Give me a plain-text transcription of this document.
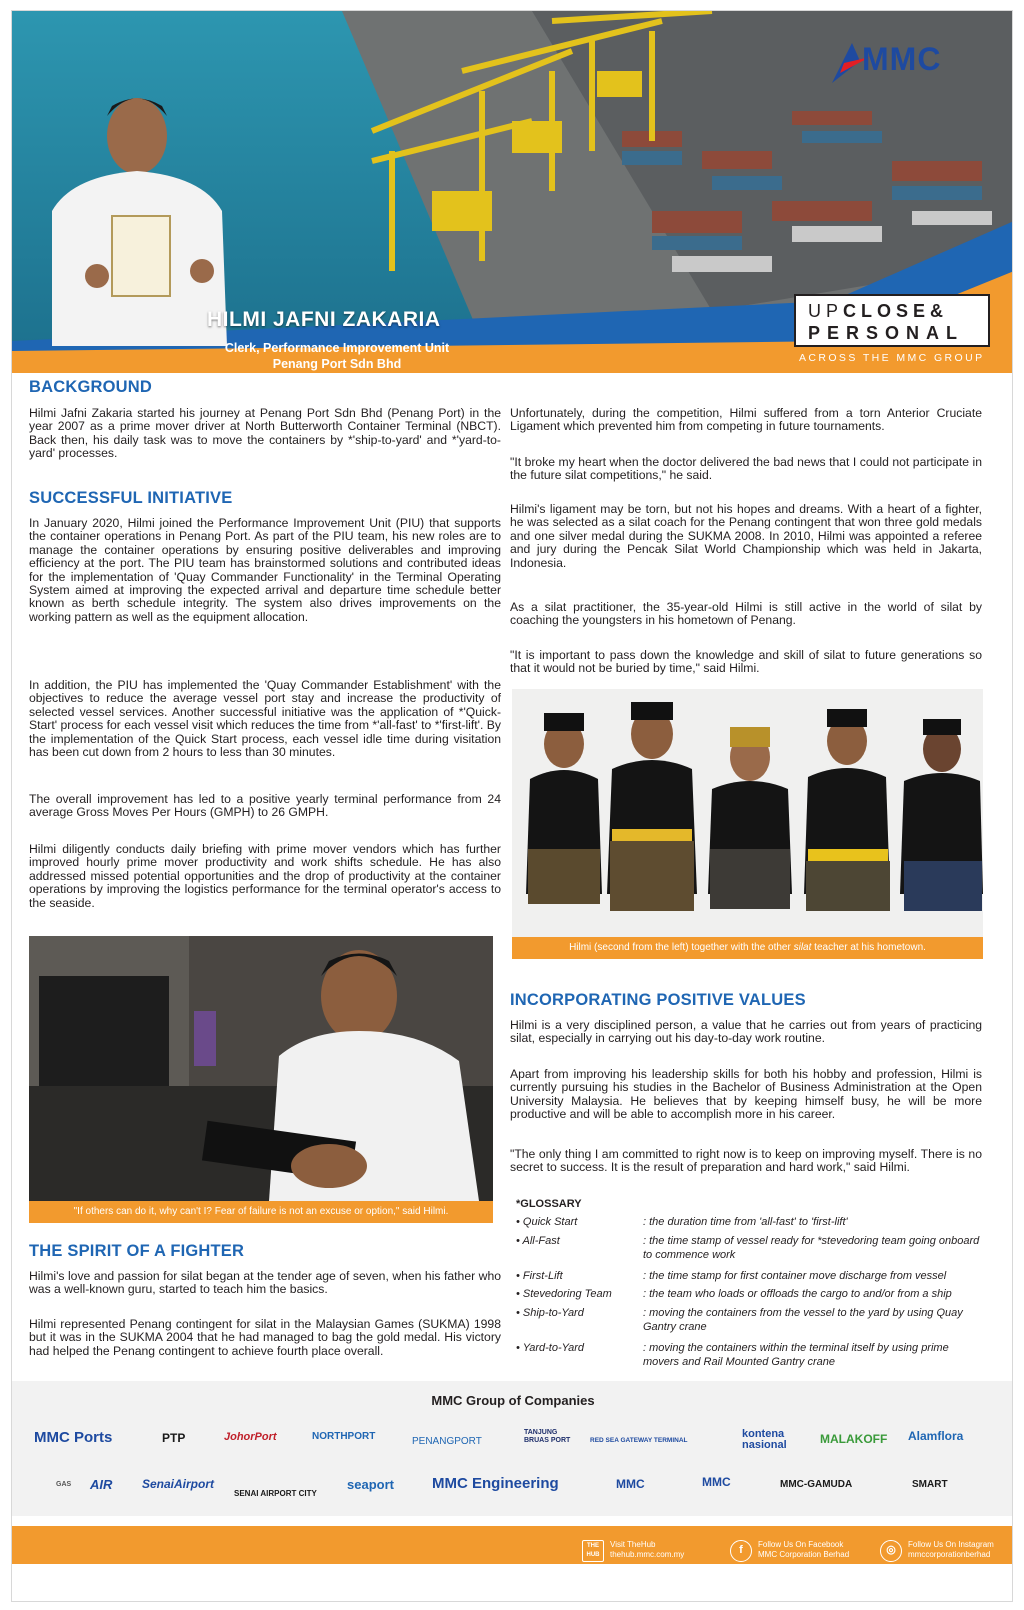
MMC
HILMI JAFNI ZAKARIA
Clerk, Performance Improvement Unit
Penang Port Sdn Bhd
UPCLOSE&
PERSONAL
ACROSS THE MMC GROUP
BACKGROUND
Hilmi Jafni Zakaria started his journey at Penang Port Sdn Bhd (Penang Port) in the year 2007 as a prime mover driver at North Butterworth Container Terminal (NBCT). Back then, his daily task was to move the containers by *'ship-to-yard' and *'yard-to-yard' processes.
SUCCESSFUL INITIATIVE
In January 2020, Hilmi joined the Performance Improvement Unit (PIU) that supports the container operations in Penang Port. As part of the PIU team, his new roles are to manage the container operations by ensuring positive deliverables and improving efficiency at the port. The PIU team has brainstormed solutions and contributed ideas for the implementation of 'Quay Commander Functionality' in the Terminal Operating System aimed at improving the expected arrival and departure time schedule better known as berth schedule integrity. The system also drives improvements on the working pattern as well as the equipment allocation.
In addition, the PIU has implemented the 'Quay Commander Establishment' with the objectives to reduce the average vessel port stay and increase the productivity of selected vessel services. Another successful initiative was the application of *'Quick-Start' process for each vessel visit which reduces the time from *'all-fast' to *'first-lift'. By the implementation of the Quick Start process, each vessel idle time during visitation has been cut down from 2 hours to less than 30 minutes.
The overall improvement has led to a positive yearly terminal performance from 24 average Gross Moves Per Hours (GMPH) to 26 GMPH.
Hilmi diligently conducts daily briefing with prime mover vendors which has further improved hourly prime mover productivity and work shifts schedule. He has also addressed missed potential opportunities and the drop of productivity at the container operations by improving the logistics performance for the terminal operator's access to the seaside.
"If others can do it, why can't I? Fear of failure is not an excuse or option," said Hilmi.
THE SPIRIT OF A FIGHTER
Hilmi's love and passion for silat began at the tender age of seven, when his father who was a well-known guru, started to teach him the basics.
Hilmi represented Penang contingent for silat in the Malaysian Games (SUKMA) 1998 but it was in the SUKMA 2004 that he had managed to bag the gold medal. His victory had helped the Penang contingent to achieve fourth place overall.
Unfortunately, during the competition, Hilmi suffered from a torn Anterior Cruciate Ligament which prevented him from competing in future tournaments.
"It broke my heart when the doctor delivered the bad news that I could not participate in the future silat competitions," he said.
Hilmi's ligament may be torn, but not his hopes and dreams. With a heart of a fighter, he was selected as a silat coach for the Penang contingent that won three gold medals and one silver medal during the SUKMA 2008. In 2010, Hilmi was appointed a referee and jury during the Pencak Silat World Championship which was held in Jakarta, Indonesia.
As a silat practitioner, the 35-year-old Hilmi is still active in the world of silat by coaching the youngsters in his hometown of Penang.
"It is important to pass down the knowledge and skill of silat to future generations so that it would not be buried by time," said Hilmi.
Hilmi (second from the left) together with the other silat teacher at his hometown.
INCORPORATING POSITIVE VALUES
Hilmi is a very disciplined person, a value that he carries out from years of practicing silat, especially in carrying out his day-to-day work routine.
Apart from improving his leadership skills for both his hobby and profession, Hilmi is currently pursuing his studies in the Bachelor of Business Administration at the Open University Malaysia. He believes that by keeping himself busy, he will be more productive and will be able to accomplish more in his career.
"The only thing I am committed to right now is to keep on improving myself. There is no secret to success. It is the result of preparation and hard work," said Hilmi.
*GLOSSARY
• Quick Start	: the duration time from 'all-fast' to 'first-lift'
• All-Fast	: the time stamp of vessel ready for *stevedoring team going onboard to commence work
• First-Lift	: the time stamp for first container move discharge from vessel
• Stevedoring Team	: the team who loads or offloads the cargo to and/or from a ship
• Ship-to-Yard	: moving the containers from the vessel to the yard by using Quay Gantry crane
• Yard-to-Yard	: moving the containers within the terminal itself by using prime movers and Rail Mounted Gantry crane
MMC Group of Companies
MMC Ports	PTP	JohorPort	NORTHPORT	PENANGPORT
TANJUNG BRUAS PORT	RED SEA GATEWAY TERMINAL
kontena nasional	MALAKOFF Alamflora
GAS AIR SenaiAirport
SENAI AIRPORT CITY
seaport	MMC Engineering	MMC	MMC	MMC-GAMUDA	SMART
THE HUB
Visit TheHub
thehub.mmc.com.my	f	Follow Us On Facebook
MMC Corporation Berhad	◎	Follow Us On Instagram
mmccorporationberhad
